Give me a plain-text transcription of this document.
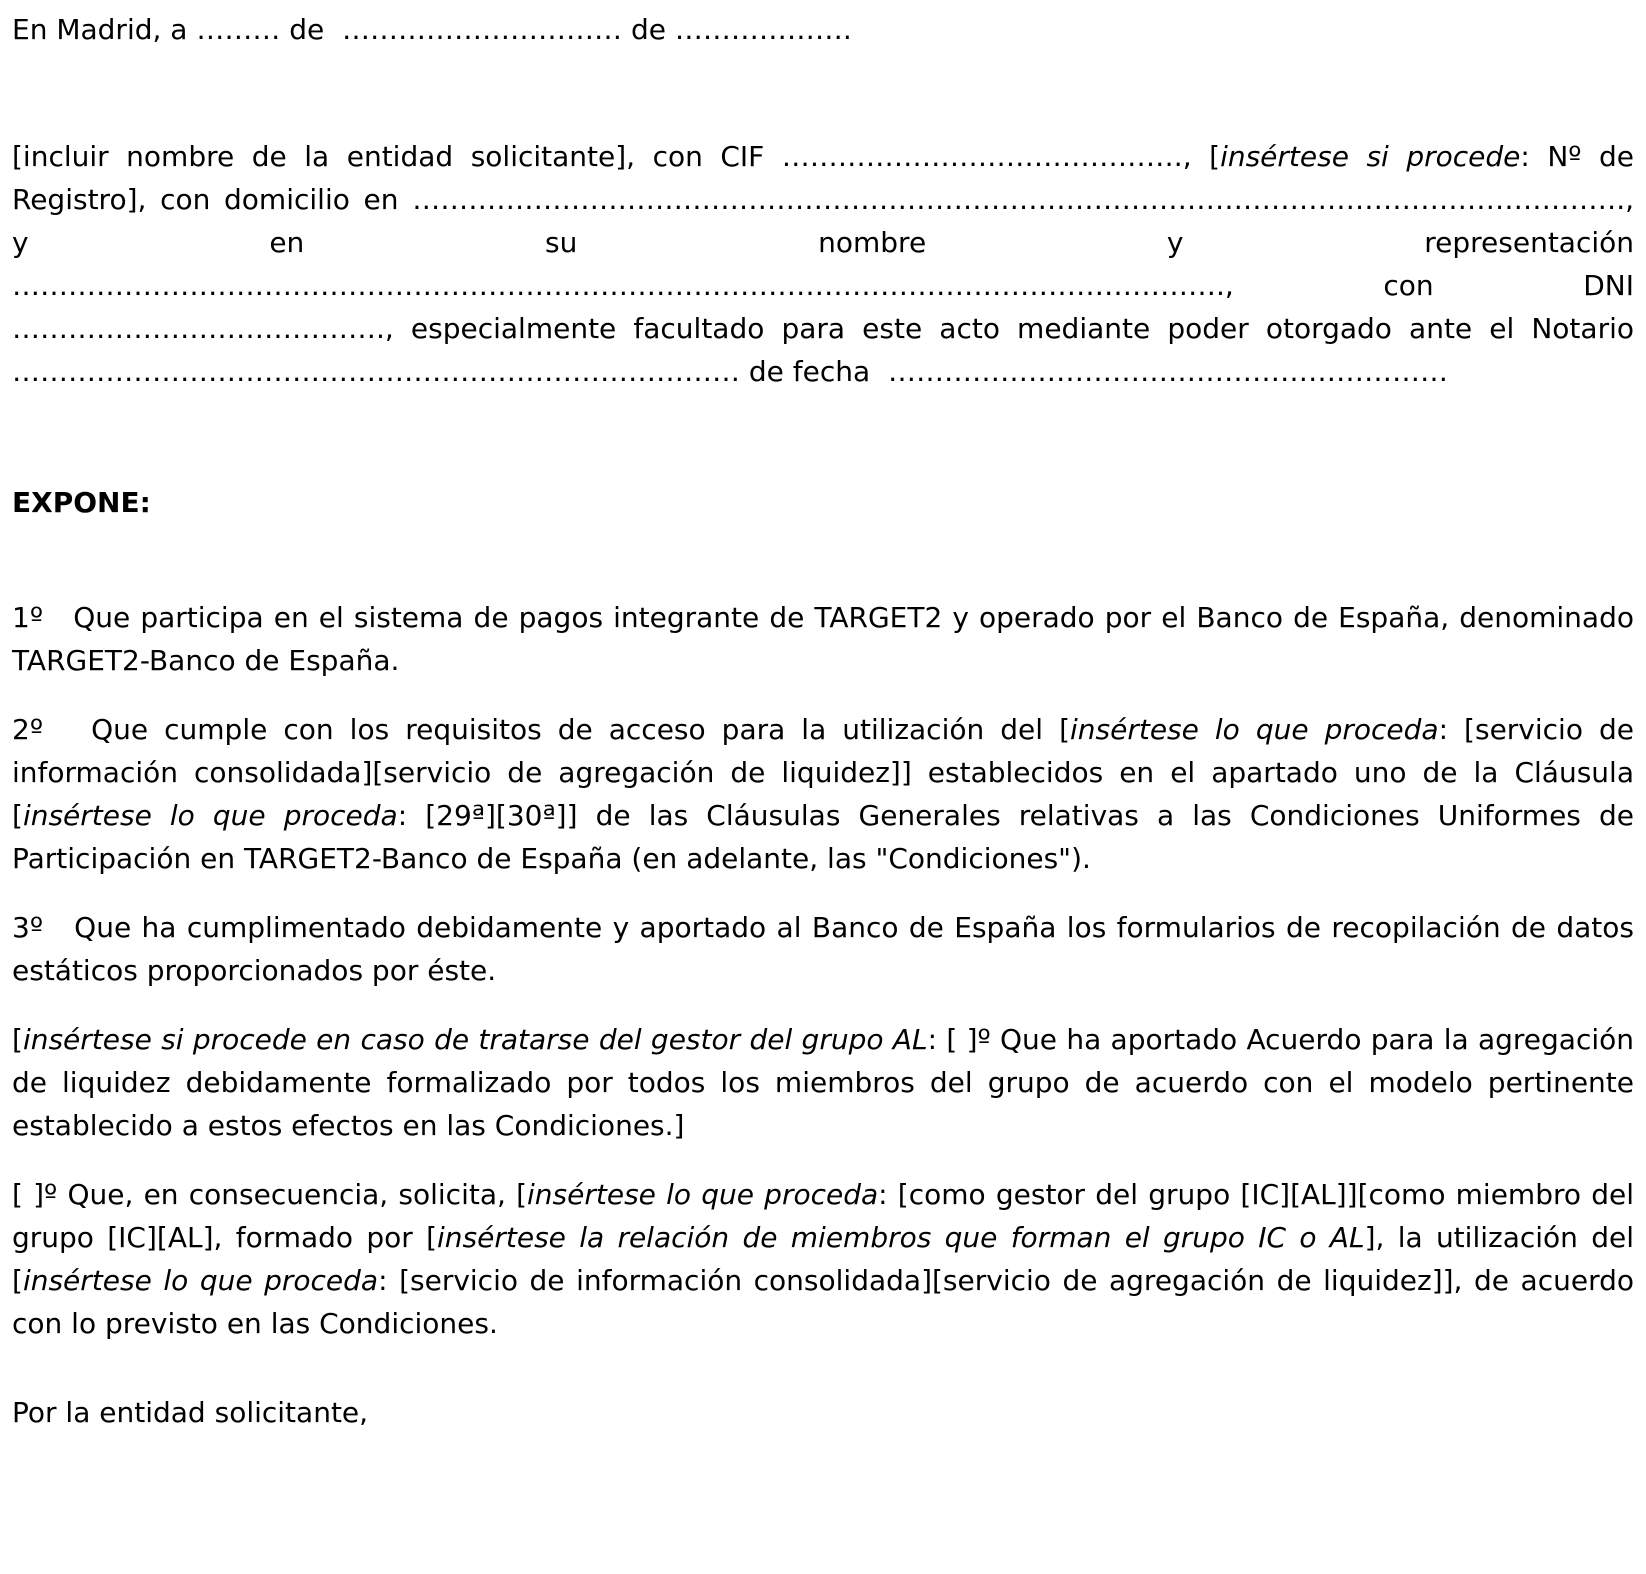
En Madrid, a ……… de  ………………………… de ……………….

[incluir nombre de la entidad solicitante], con CIF ……………………………………., [insértese si procede: Nº de Registro], con domicilio en …………………………………………………………………………………………………………………., y en su nombre y representación …………………………………………………………………………………………………………………., con DNI …………………………………., especialmente facultado para este acto mediante poder otorgado ante el Notario …………………………………………………………………… de fecha  ……………………………………………………

EXPONE:

1º   Que participa en el sistema de pagos integrante de TARGET2 y operado por el Banco de España, denominado TARGET2-Banco de España.

2º   Que cumple con los requisitos de acceso para la utilización del [insértese lo que proceda: [servicio de información consolidada][servicio de agregación de liquidez]] establecidos en el apartado uno de la Cláusula [insértese lo que proceda: [29ª][30ª]] de las Cláusulas Generales relativas a las Condiciones Uniformes de Participación en TARGET2-Banco de España (en adelante, las "Condiciones").

3º   Que ha cumplimentado debidamente y aportado al Banco de España los formularios de recopilación de datos estáticos proporcionados por éste.

[insértese si procede en caso de tratarse del gestor del grupo AL: [ ]º Que ha aportado Acuerdo para la agregación de liquidez debidamente formalizado por todos los miembros del grupo de acuerdo con el modelo pertinente establecido a estos efectos en las Condiciones.]

[ ]º Que, en consecuencia, solicita, [insértese lo que proceda: [como gestor del grupo [IC][AL]][como miembro del grupo [IC][AL], formado por [insértese la relación de miembros que forman el grupo IC o AL], la utilización del [insértese lo que proceda: [servicio de información consolidada][servicio de agregación de liquidez]], de acuerdo con lo previsto en las Condiciones.

Por la entidad solicitante,
